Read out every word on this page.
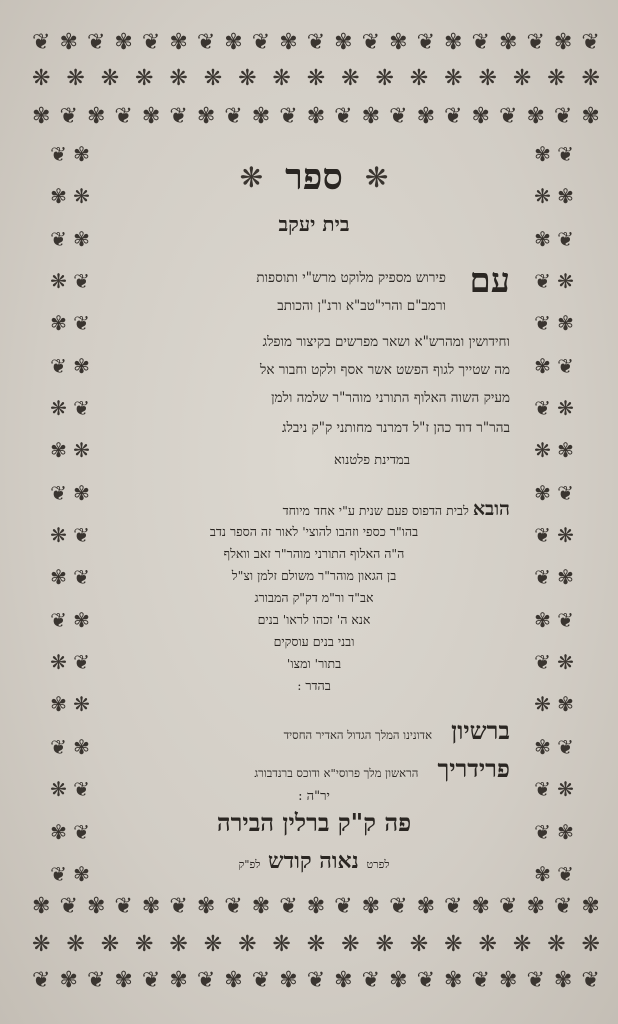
❦ ✾ ❦ ✾ ❦ ✾ ❦ ✾ ❦ ✾ ❦ ✾ ❦ ✾ ❦ ✾ ❦ ✾ ❦ ✾ ❦
❋ ❋ ❋ ❋ ❋ ❋ ❋ ❋ ❋ ❋ ❋ ❋ ❋ ❋ ❋ ❋ ❋
✾ ❦ ✾ ❦ ✾ ❦ ✾ ❦ ✾ ❦ ✾ ❦ ✾ ❦ ✾ ❦ ✾ ❦ ✾ ❦ ✾
❦ ✾
✾ ❋
❦ ✾
❋ ❦
✾ ❦
❦ ✾
❋ ❦
✾ ❋
❦ ✾
❋ ❦
✾ ❦
❦ ✾
❋ ❦
✾ ❋
❦ ✾
❋ ❦
✾ ❦
❦ ✾
✾ ❦
❋ ✾
✾ ❦
❦ ❋
❦ ✾
✾ ❦
❦ ❋
❋ ✾
✾ ❦
❦ ❋
❦ ✾
✾ ❦
❦ ❋
❋ ✾
✾ ❦
❦ ❋
❦ ✾
✾ ❦
✾ ❦ ✾ ❦ ✾ ❦ ✾ ❦ ✾ ❦ ✾ ❦ ✾ ❦ ✾ ❦ ✾ ❦ ✾ ❦ ✾
❋ ❋ ❋ ❋ ❋ ❋ ❋ ❋ ❋ ❋ ❋ ❋ ❋ ❋ ❋ ❋ ❋
❦ ✾ ❦ ✾ ❦ ✾ ❦ ✾ ❦ ✾ ❦ ✾ ❦ ✾ ❦ ✾ ❦ ✾ ❦ ✾ ❦
❋ ספר ❋
בית יעקב
עם
פירוש מספיק מלוקט מרש"י ותוספות
ורמב"ם והרי"טב"א ורנ"ן והכותב
וחידושין ומהרש"א ושאר מפרשים בקיצור מופלג
מה שטייך לגוף הפשט אשר אסף ולקט וחבור אל
מעיק השוה האלוף התורני מוהר"ר שלמה ולמן
בהר"ר דוד כהן ז"ל דמרנר מחותני ק"ק ניבלג
במדינת פלטנוא
הובא לבית הדפוס פעם שנית ע"י אחד מיוחד
בהו"ר כספי וזהבו להוצי' לאור זה הספר נדב
ה"ה האלוף התורני מוהר"ר זאב וואלף
בן הגאון מוהר"ר משולם זלמן וצ"ל
אב"ד ור"מ דק"ק המבורג
אנא ה' זכהו לראו' בנים
ובני בנים עוסקים
בתור' ומצו'
בהדר :
ברשיון אדונינו המלך הגדול האדיר החסיד
פרידריך הראשון מלך פרוסי"א ודוכס ברנדבורג
יר"ה :
פה ק"ק ברלין הבירה
לפרט נאוה קודש לפ"ק
